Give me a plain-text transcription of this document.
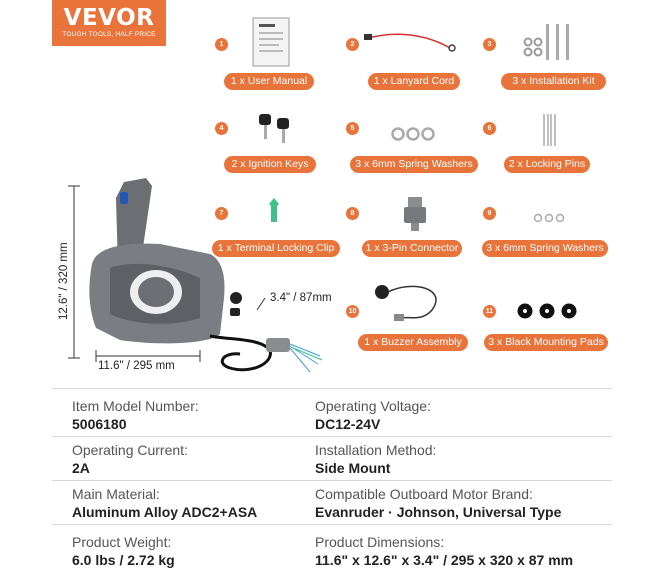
VEVOR
TOUGH TOOLS, HALF PRICE
1
1 x User Manual
2
1 x Lanyard Cord
3
3 x Installation Kit
4
2 x Ignition Keys
5
3 x 6mm Spring Washers
6
2 x Locking Pins
7
1 x Terminal Locking Clip
8
1 x 3-Pin Connector
9
3 x 6mm Spring Washers
10
1 x Buzzer Assembly
11
3 x Black Mounting Pads
11.6" / 295 mm
3.4" / 87mm
12.6" / 320 mm
Item Model Number:
5006180
Operating Voltage:
DC12-24V
Operating Current:
2A
Installation Method:
Side Mount
Main Material:
Aluminum Alloy ADC2+ASA
Compatible Outboard Motor Brand:
Evanruder · Johnson, Universal Type
Product Weight:
6.0 lbs / 2.72 kg
Product Dimensions:
11.6" x 12.6" x 3.4" / 295 x 320 x 87 mm
